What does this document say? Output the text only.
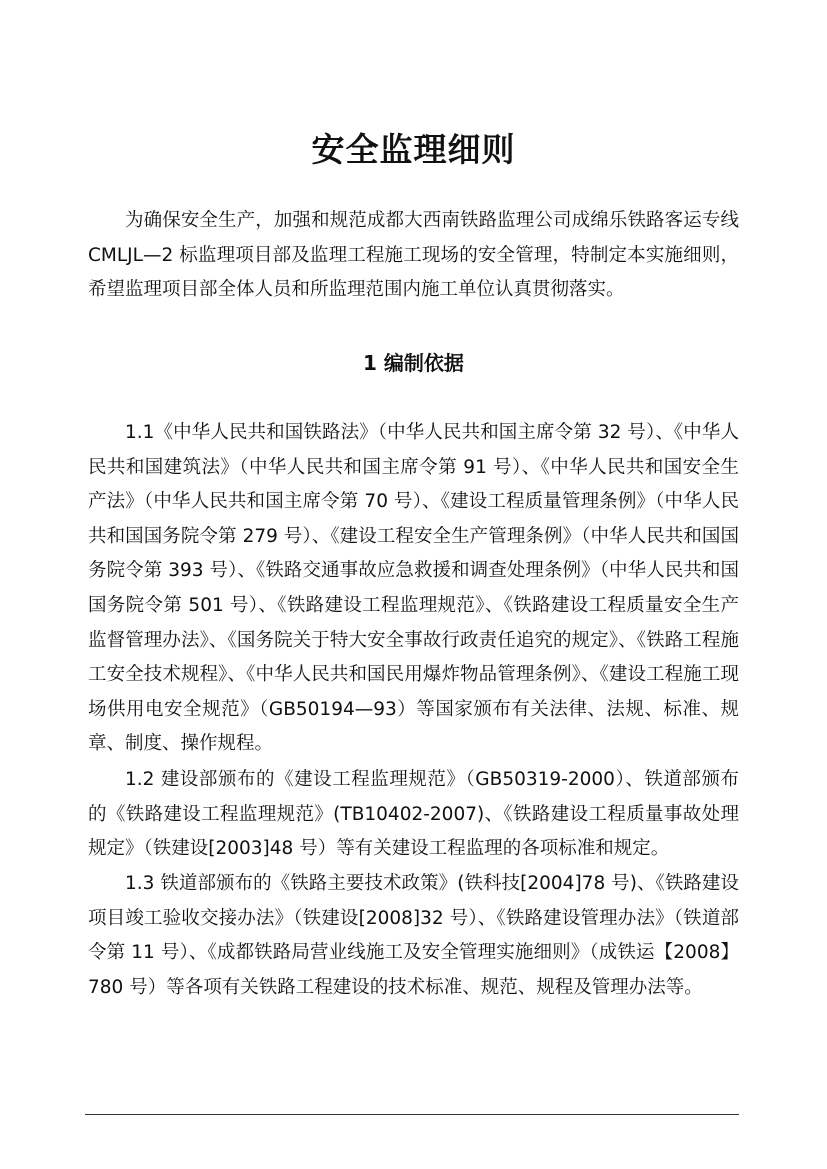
安全监理细则

为确保安全生产，加强和规范成都大西南铁路监理公司成绵乐铁路客运专线 CMLJL—2 标监理项目部及监理工程施工现场的安全管理，特制定本实施细则，希望监理项目部全体人员和所监理范围内施工单位认真贯彻落实。

1 编制依据

1.1《中华人民共和国铁路法》（中华人民共和国主席令第 32 号）、《中华人民共和国建筑法》（中华人民共和国主席令第 91 号）、《中华人民共和国安全生产法》（中华人民共和国主席令第 70 号）、《建设工程质量管理条例》（中华人民共和国国务院令第 279 号）、《建设工程安全生产管理条例》（中华人民共和国国务院令第 393 号）、《铁路交通事故应急救援和调查处理条例》（中华人民共和国国务院令第 501 号）、《铁路建设工程监理规范》、《铁路建设工程质量安全生产监督管理办法》、《国务院关于特大安全事故行政责任追究的规定》、《铁路工程施工安全技术规程》、《中华人民共和国民用爆炸物品管理条例》、《建设工程施工现场供用电安全规范》（GB50194—93）等国家颁布有关法律、法规、标准、规章、制度、操作规程。

1.2 建设部颁布的《建设工程监理规范》（GB50319-2000）、铁道部颁布的《铁路建设工程监理规范》(TB10402-2007)、《铁路建设工程质量事故处理规定》（铁建设[2003]48 号）等有关建设工程监理的各项标准和规定。

1.3 铁道部颁布的《铁路主要技术政策》(铁科技[2004]78 号)、《铁路建设项目竣工验收交接办法》（铁建设[2008]32 号）、《铁路建设管理办法》（铁道部令第 11 号）、《成都铁路局营业线施工及安全管理实施细则》（成铁运【2008】780 号）等各项有关铁路工程建设的技术标准、规范、规程及管理办法等。
